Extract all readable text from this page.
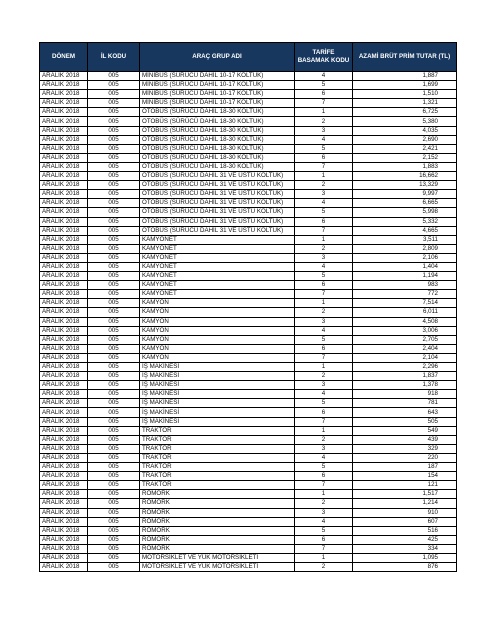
DÖNEM	İL KODU	ARAÇ GRUP ADI	TARİFE BASAMAK KODU	AZAMİ BRÜT PRİM TUTAR (TL)
ARALIK 2018	005	MİNİBÜS (SÜRÜCÜ DAHİL 10-17 KOLTUK)	4	1,887
ARALIK 2018	005	MİNİBÜS (SÜRÜCÜ DAHİL 10-17 KOLTUK)	5	1,699
ARALIK 2018	005	MİNİBÜS (SÜRÜCÜ DAHİL 10-17 KOLTUK)	6	1,510
ARALIK 2018	005	MİNİBÜS (SÜRÜCÜ DAHİL 10-17 KOLTUK)	7	1,321
ARALIK 2018	005	OTOBÜS (SÜRÜCÜ DAHİL 18-30 KOLTUK)	1	6,725
ARALIK 2018	005	OTOBÜS (SÜRÜCÜ DAHİL 18-30 KOLTUK)	2	5,380
ARALIK 2018	005	OTOBÜS (SÜRÜCÜ DAHİL 18-30 KOLTUK)	3	4,035
ARALIK 2018	005	OTOBÜS (SÜRÜCÜ DAHİL 18-30 KOLTUK)	4	2,690
ARALIK 2018	005	OTOBÜS (SÜRÜCÜ DAHİL 18-30 KOLTUK)	5	2,421
ARALIK 2018	005	OTOBÜS (SÜRÜCÜ DAHİL 18-30 KOLTUK)	6	2,152
ARALIK 2018	005	OTOBÜS (SÜRÜCÜ DAHİL 18-30 KOLTUK)	7	1,883
ARALIK 2018	005	OTOBÜS (SÜRÜCÜ DAHİL 31 VE ÜSTÜ KOLTUK)	1	16,662
ARALIK 2018	005	OTOBÜS (SÜRÜCÜ DAHİL 31 VE ÜSTÜ KOLTUK)	2	13,329
ARALIK 2018	005	OTOBÜS (SÜRÜCÜ DAHİL 31 VE ÜSTÜ KOLTUK)	3	9,997
ARALIK 2018	005	OTOBÜS (SÜRÜCÜ DAHİL 31 VE ÜSTÜ KOLTUK)	4	6,665
ARALIK 2018	005	OTOBÜS (SÜRÜCÜ DAHİL 31 VE ÜSTÜ KOLTUK)	5	5,998
ARALIK 2018	005	OTOBÜS (SÜRÜCÜ DAHİL 31 VE ÜSTÜ KOLTUK)	6	5,332
ARALIK 2018	005	OTOBÜS (SÜRÜCÜ DAHİL 31 VE ÜSTÜ KOLTUK)	7	4,665
ARALIK 2018	005	KAMYONET	1	3,511
ARALIK 2018	005	KAMYONET	2	2,809
ARALIK 2018	005	KAMYONET	3	2,106
ARALIK 2018	005	KAMYONET	4	1,404
ARALIK 2018	005	KAMYONET	5	1,194
ARALIK 2018	005	KAMYONET	6	983
ARALIK 2018	005	KAMYONET	7	772
ARALIK 2018	005	KAMYON	1	7,514
ARALIK 2018	005	KAMYON	2	6,011
ARALIK 2018	005	KAMYON	3	4,508
ARALIK 2018	005	KAMYON	4	3,006
ARALIK 2018	005	KAMYON	5	2,705
ARALIK 2018	005	KAMYON	6	2,404
ARALIK 2018	005	KAMYON	7	2,104
ARALIK 2018	005	İŞ MAKİNESİ	1	2,296
ARALIK 2018	005	İŞ MAKİNESİ	2	1,837
ARALIK 2018	005	İŞ MAKİNESİ	3	1,378
ARALIK 2018	005	İŞ MAKİNESİ	4	918
ARALIK 2018	005	İŞ MAKİNESİ	5	781
ARALIK 2018	005	İŞ MAKİNESİ	6	643
ARALIK 2018	005	İŞ MAKİNESİ	7	505
ARALIK 2018	005	TRAKTÖR	1	549
ARALIK 2018	005	TRAKTÖR	2	439
ARALIK 2018	005	TRAKTÖR	3	329
ARALIK 2018	005	TRAKTÖR	4	220
ARALIK 2018	005	TRAKTÖR	5	187
ARALIK 2018	005	TRAKTÖR	6	154
ARALIK 2018	005	TRAKTÖR	7	121
ARALIK 2018	005	RÖMORK	1	1,517
ARALIK 2018	005	RÖMORK	2	1,214
ARALIK 2018	005	RÖMORK	3	910
ARALIK 2018	005	RÖMORK	4	607
ARALIK 2018	005	RÖMORK	5	516
ARALIK 2018	005	RÖMORK	6	425
ARALIK 2018	005	RÖMORK	7	334
ARALIK 2018	005	MOTORSİKLET VE YÜK MOTORSİKLETİ	1	1,095
ARALIK 2018	005	MOTORSİKLET VE YÜK MOTORSİKLETİ	2	876
